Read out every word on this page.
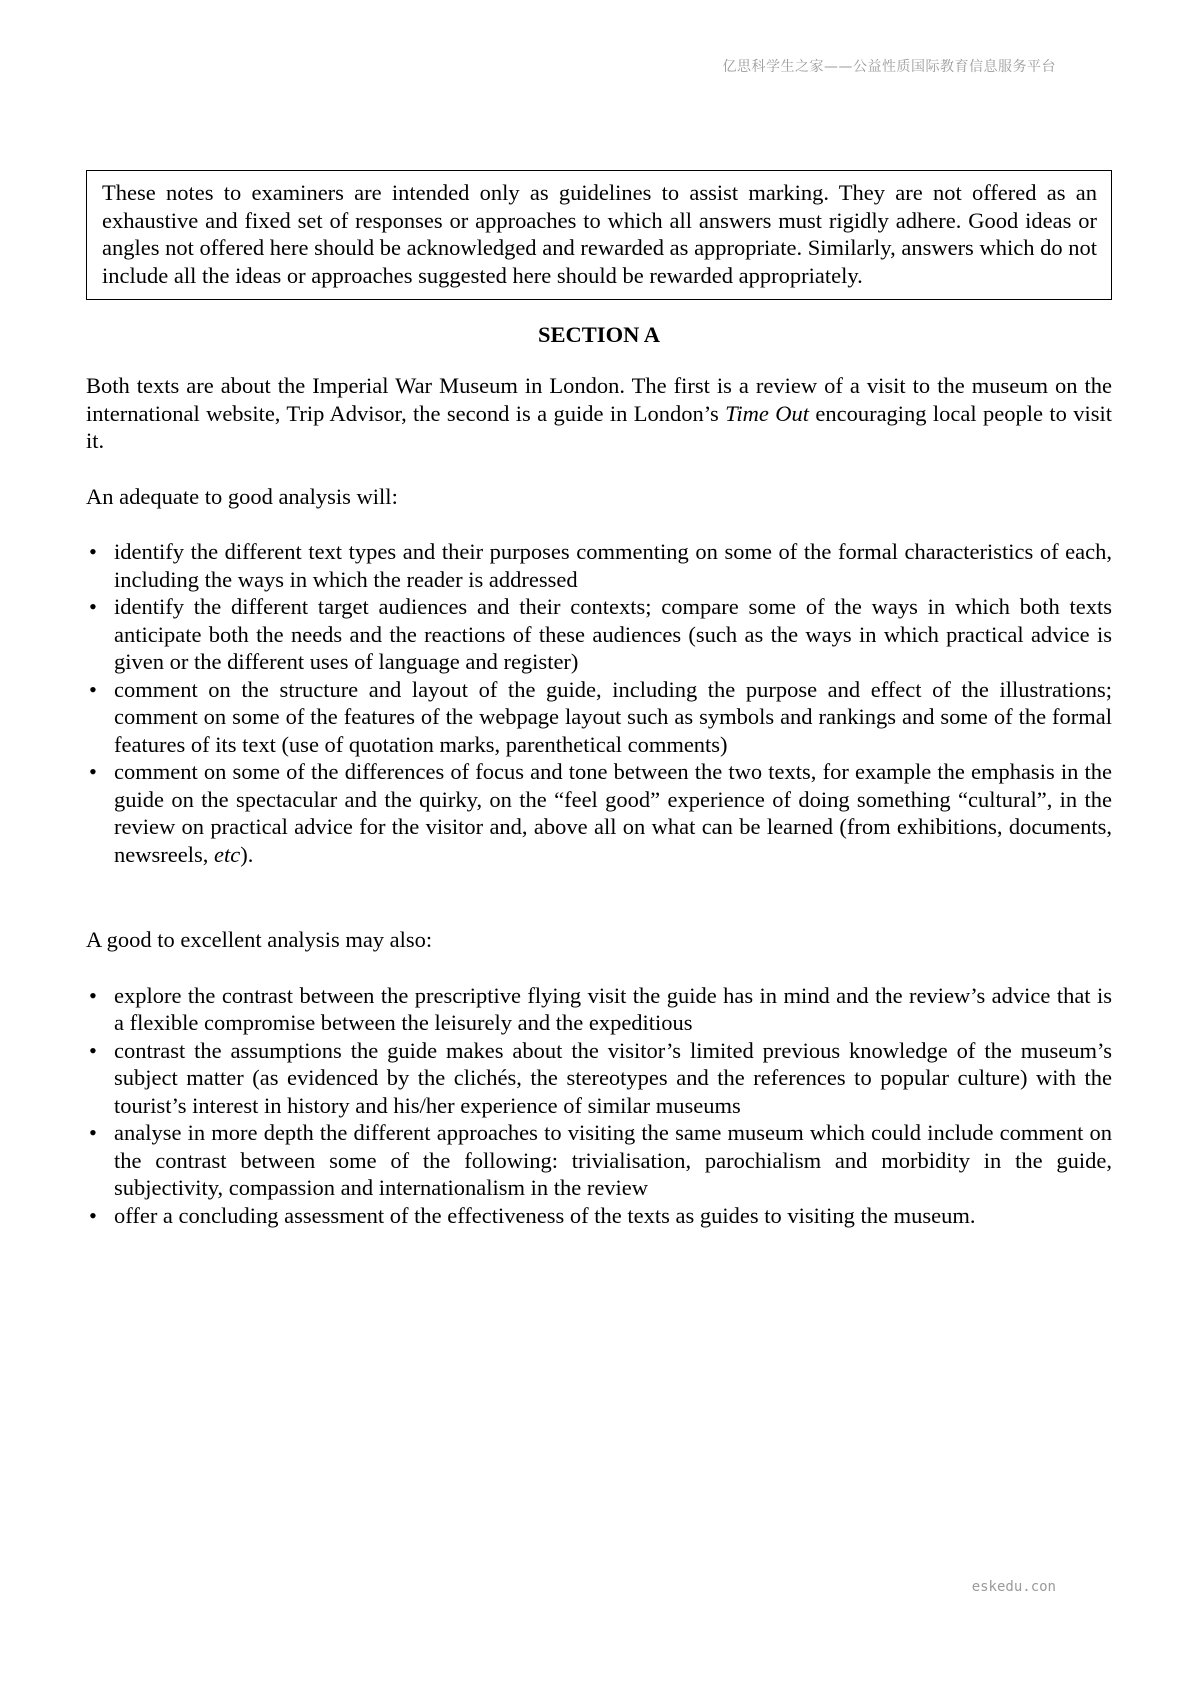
亿思科学生之家——公益性质国际教育信息服务平台

These notes to examiners are intended only as guidelines to assist marking. They are not offered as an exhaustive and fixed set of responses or approaches to which all answers must rigidly adhere. Good ideas or angles not offered here should be acknowledged and rewarded as appropriate. Similarly, answers which do not include all the ideas or approaches suggested here should be rewarded appropriately.

SECTION A

Both texts are about the Imperial War Museum in London. The first is a review of a visit to the museum on the international website, Trip Advisor, the second is a guide in London’s Time Out encouraging local people to visit it.

An adequate to good analysis will:

• identify the different text types and their purposes commenting on some of the formal characteristics of each, including the ways in which the reader is addressed
• identify the different target audiences and their contexts; compare some of the ways in which both texts anticipate both the needs and the reactions of these audiences (such as the ways in which practical advice is given or the different uses of language and register)
• comment on the structure and layout of the guide, including the purpose and effect of the illustrations; comment on some of the features of the webpage layout such as symbols and rankings and some of the formal features of its text (use of quotation marks, parenthetical comments)
• comment on some of the differences of focus and tone between the two texts, for example the emphasis in the guide on the spectacular and the quirky, on the “feel good” experience of doing something “cultural”, in the review on practical advice for the visitor and, above all on what can be learned (from exhibitions, documents, newsreels, etc).

A good to excellent analysis may also:

• explore the contrast between the prescriptive flying visit the guide has in mind and the review’s advice that is a flexible compromise between the leisurely and the expeditious
• contrast the assumptions the guide makes about the visitor’s limited previous knowledge of the museum’s subject matter (as evidenced by the clichés, the stereotypes and the references to popular culture) with the tourist’s interest in history and his/her experience of similar museums
• analyse in more depth the different approaches to visiting the same museum which could include comment on the contrast between some of the following: trivialisation, parochialism and morbidity in the guide, subjectivity, compassion and internationalism in the review
• offer a concluding assessment of the effectiveness of the texts as guides to visiting the museum.
eskedu.con
